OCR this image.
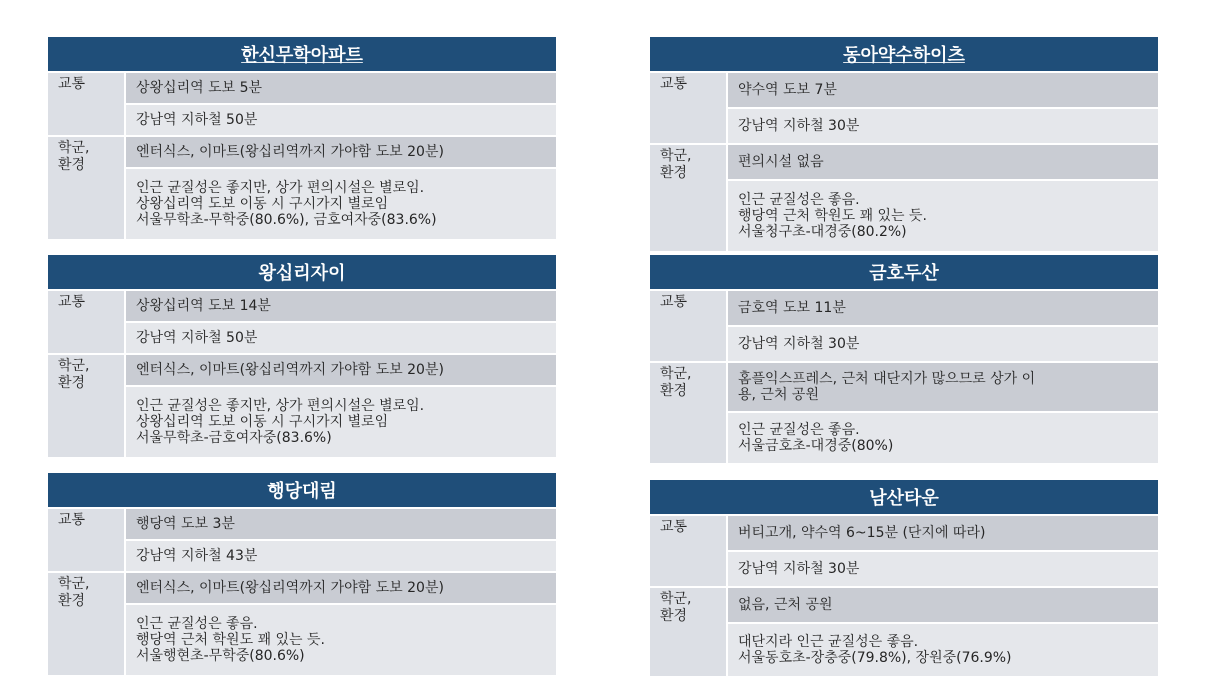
한신무학아파트	
교통	상왕십리역 도보 5분
	강남역 지하철 50분
학군,
환경	엔터식스, 이마트(왕십리역까지 가야함 도보 20분)
	인근 균질성은 좋지만, 상가 편의시설은 별로임.
상왕십리역 도보 이동 시 구시가지 별로임
서울무학초-무학중(80.6%), 금호여자중(83.6%)
왕십리자이	
교통	상왕십리역 도보 14분
	강남역 지하철 50분
학군,
환경	엔터식스, 이마트(왕십리역까지 가야함 도보 20분)
	인근 균질성은 좋지만, 상가 편의시설은 별로임.
상왕십리역 도보 이동 시 구시가지 별로임
서울무학초-금호여자중(83.6%)
행당대림	
교통	행당역 도보 3분
	강남역 지하철 43분
학군,
환경	엔터식스, 이마트(왕십리역까지 가야함 도보 20분)
	인근 균질성은 좋음.
행당역 근처 학원도 꽤 있는 듯.
서울행현초-무학중(80.6%)
동아약수하이츠	
교통	약수역 도보 7분
	강남역 지하철 30분
학군,
환경	편의시설 없음
	인근 균질성은 좋음.
행당역 근처 학원도 꽤 있는 듯.
서울청구초-대경중(80.2%)
금호두산	
교통	금호역 도보 11분
	강남역 지하철 30분
학군,
환경	홈플익스프레스, 근처 대단지가 많으므로 상가 이
용, 근처 공원
	인근 균질성은 좋음.
서울금호초-대경중(80%)
남산타운	
교통	버티고개, 약수역 6~15분 (단지에 따라)
	강남역 지하철 30분
학군,
환경	없음, 근처 공원
	대단지라 인근 균질성은 좋음.
서울동호초-장충중(79.8%), 장원중(76.9%)
